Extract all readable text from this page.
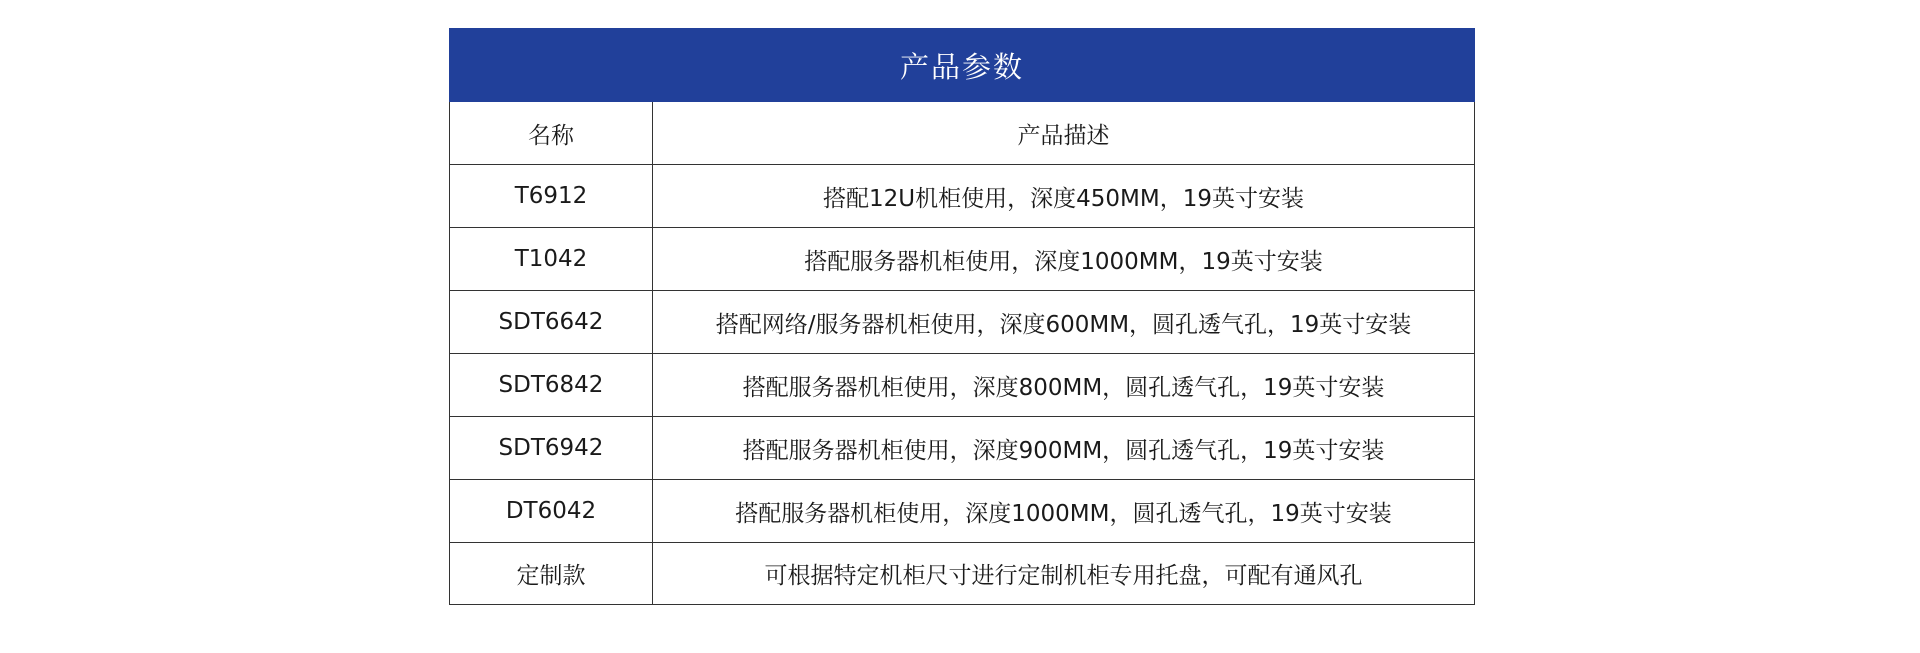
产品参数	
名称	产品描述
T6912	搭配12U机柜使用，深度450MM，19英寸安装
T1042	搭配服务器机柜使用，深度1000MM，19英寸安装
SDT6642	搭配网络/服务器机柜使用，深度600MM，圆孔透气孔，19英寸安装
SDT6842	搭配服务器机柜使用，深度800MM，圆孔透气孔，19英寸安装
SDT6942	搭配服务器机柜使用，深度900MM，圆孔透气孔，19英寸安装
DT6042	搭配服务器机柜使用，深度1000MM，圆孔透气孔，19英寸安装
定制款	可根据特定机柜尺寸进行定制机柜专用托盘，可配有通风孔
